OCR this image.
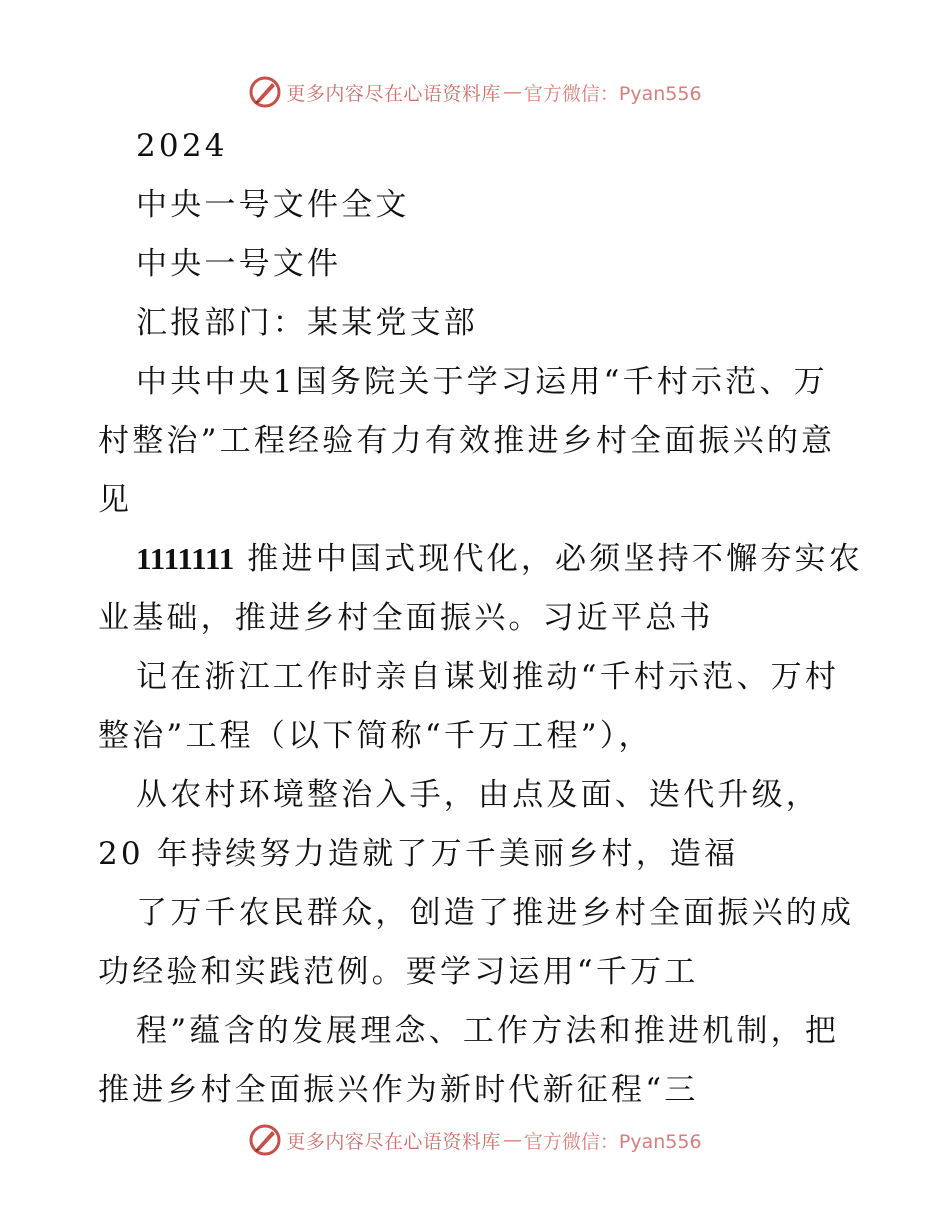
更多内容尽在心语资料库 — 官方微信：Pyan556
2024
中央一号文件全文
中央一号文件
汇报部门：某某党支部
中共中央1国务院关于学习运用“千村示范、万
村整治”工程经验有力有效推进乡村全面振兴的意
见
1111111 推进中国式现代化，必须坚持不懈夯实农
业基础，推进乡村全面振兴。习近平总书
记在浙江工作时亲自谋划推动“千村示范、万村
整治”工程（以下简称“千万工程”），
从农村环境整治入手，由点及面、迭代升级，
20 年持续努力造就了万千美丽乡村，造福
了万千农民群众，创造了推进乡村全面振兴的成
功经验和实践范例。要学习运用“千万工
程”蕴含的发展理念、工作方法和推进机制，把
推进乡村全面振兴作为新时代新征程“三
更多内容尽在心语资料库 — 官方微信：Pyan556
